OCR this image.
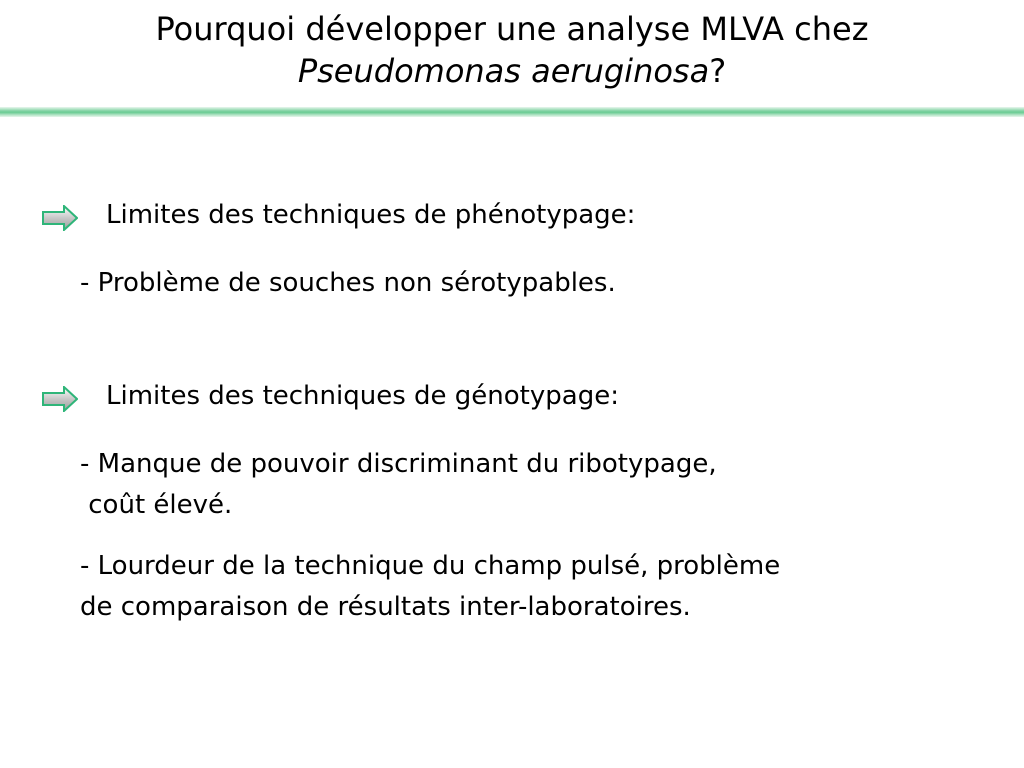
Pourquoi développer une analyse MLVA chez
Pseudomonas aeruginosa?
Limites des techniques de phénotypage:
- Problème de souches non sérotypables.
Limites des techniques de génotypage:
- Manque de pouvoir discriminant du ribotypage,
coût élevé.
- Lourdeur de la technique du champ pulsé, problème
de comparaison de résultats inter-laboratoires.
